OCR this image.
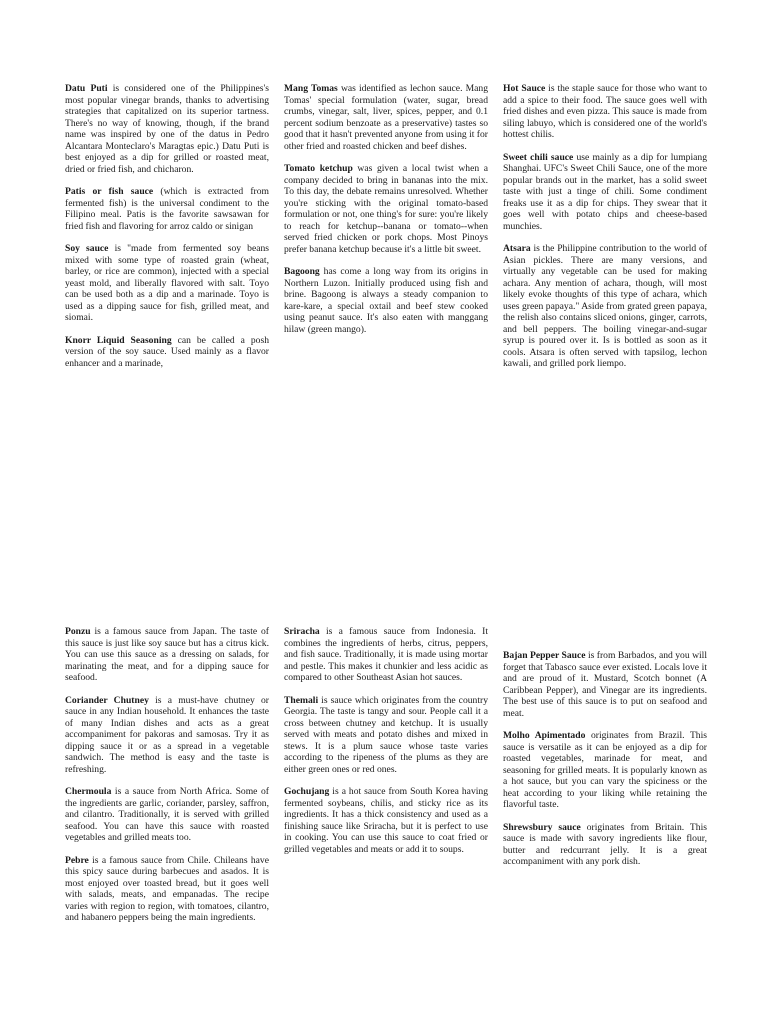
Datu Puti is considered one of the Philippines's most popular vinegar brands, thanks to advertising strategies that capitalized on its superior tartness. There's no way of knowing, though, if the brand name was inspired by one of the datus in Pedro Alcantara Monteclaro's Maragtas epic.) Datu Puti is best enjoyed as a dip for grilled or roasted meat, dried or fried fish, and chicharon.

Patis or fish sauce (which is extracted from fermented fish) is the universal condiment to the Filipino meal. Patis is the favorite sawsawan for fried fish and flavoring for arroz caldo or sinigan

Soy sauce is "made from fermented soy beans mixed with some type of roasted grain (wheat, barley, or rice are common), injected with a special yeast mold, and liberally flavored with salt. Toyo can be used both as a dip and a marinade. Toyo is used as a dipping sauce for fish, grilled meat, and siomai.

Knorr Liquid Seasoning can be called a posh version of the soy sauce. Used mainly as a flavor enhancer and a marinade,

Mang Tomas was identified as lechon sauce. Mang Tomas' special formulation (water, sugar, bread crumbs, vinegar, salt, liver, spices, pepper, and 0.1 percent sodium benzoate as a preservative) tastes so good that it hasn't prevented anyone from using it for other fried and roasted chicken and beef dishes.

Tomato ketchup was given a local twist when a company decided to bring in bananas into the mix. To this day, the debate remains unresolved. Whether you're sticking with the original tomato-based formulation or not, one thing's for sure: you're likely to reach for ketchup--banana or tomato--when served fried chicken or pork chops. Most Pinoys prefer banana ketchup because it's a little bit sweet.

Bagoong has come a long way from its origins in Northern Luzon. Initially produced using fish and brine. Bagoong is always a steady companion to kare-kare, a special oxtail and beef stew cooked using peanut sauce. It's also eaten with manggang hilaw (green mango).

Hot Sauce is the staple sauce for those who want to add a spice to their food. The sauce goes well with fried dishes and even pizza. This sauce is made from siling labuyo, which is considered one of the world's hottest chilis.

Sweet chili sauce use mainly as a dip for lumpiang Shanghai. UFC's Sweet Chili Sauce, one of the more popular brands out in the market, has a solid sweet taste with just a tinge of chili. Some condiment freaks use it as a dip for chips. They swear that it goes well with potato chips and cheese-based munchies.

Atsara is the Philippine contribution to the world of Asian pickles. There are many versions, and virtually any vegetable can be used for making achara. Any mention of achara, though, will most likely evoke thoughts of this type of achara, which uses green papaya." Aside from grated green papaya, the relish also contains sliced onions, ginger, carrots, and bell peppers. The boiling vinegar-and-sugar syrup is poured over it. Is is bottled as soon as it cools. Atsara is often served with tapsilog, lechon kawali, and grilled pork liempo.

Ponzu is a famous sauce from Japan. The taste of this sauce is just like soy sauce but has a citrus kick. You can use this sauce as a dressing on salads, for marinating the meat, and for a dipping sauce for seafood.

Coriander Chutney is a must-have chutney or sauce in any Indian household. It enhances the taste of many Indian dishes and acts as a great accompaniment for pakoras and samosas. Try it as dipping sauce it or as a spread in a vegetable sandwich. The method is easy and the taste is refreshing.

Chermoula is a sauce from North Africa. Some of the ingredients are garlic, coriander, parsley, saffron, and cilantro. Traditionally, it is served with grilled seafood. You can have this sauce with roasted vegetables and grilled meats too.

Pebre is a famous sauce from Chile. Chileans have this spicy sauce during barbecues and asados. It is most enjoyed over toasted bread, but it goes well with salads, meats, and empanadas. The recipe varies with region to region, with tomatoes, cilantro, and habanero peppers being the main ingredients.

Sriracha is a famous sauce from Indonesia. It combines the ingredients of herbs, citrus, peppers, and fish sauce. Traditionally, it is made using mortar and pestle. This makes it chunkier and less acidic as compared to other Southeast Asian hot sauces.

Themali is sauce which originates from the country Georgia. The taste is tangy and sour. People call it a cross between chutney and ketchup. It is usually served with meats and potato dishes and mixed in stews. It is a plum sauce whose taste varies according to the ripeness of the plums as they are either green ones or red ones.

Gochujang is a hot sauce from South Korea having fermented soybeans, chilis, and sticky rice as its ingredients. It has a thick consistency and used as a finishing sauce like Sriracha, but it is perfect to use in cooking. You can use this sauce to coat fried or grilled vegetables and meats or add it to soups.

Bajan Pepper Sauce is from Barbados, and you will forget that Tabasco sauce ever existed. Locals love it and are proud of it. Mustard, Scotch bonnet (A Caribbean Pepper), and Vinegar are its ingredients. The best use of this sauce is to put on seafood and meat.

Molho Apimentado originates from Brazil. This sauce is versatile as it can be enjoyed as a dip for roasted vegetables, marinade for meat, and seasoning for grilled meats. It is popularly known as a hot sauce, but you can vary the spiciness or the heat according to your liking while retaining the flavorful taste.

Shrewsbury sauce originates from Britain. This sauce is made with savory ingredients like flour, butter and redcurrant jelly. It is a great accompaniment with any pork dish.
